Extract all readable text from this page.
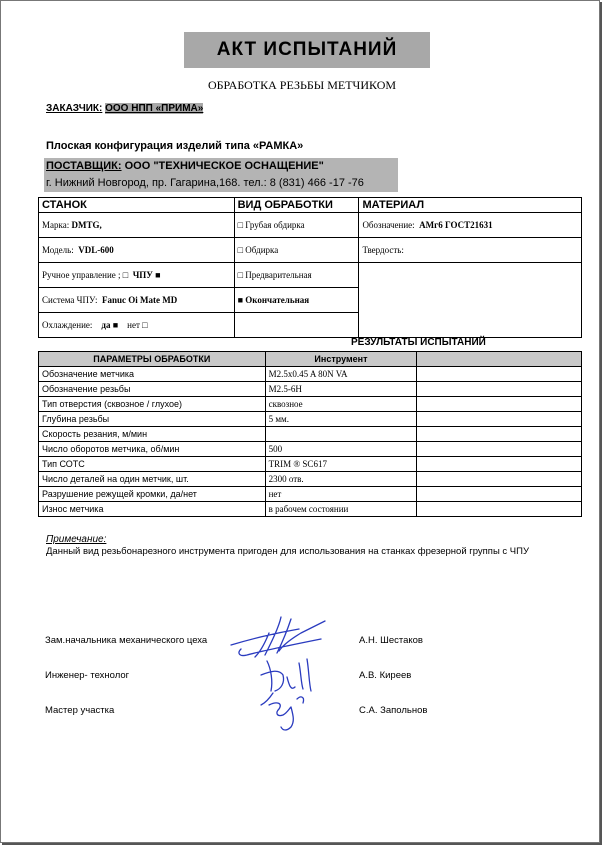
АКТ ИСПЫТАНИЙ
ОБРАБОТКА РЕЗЬБЫ МЕТЧИКОМ
ЗАКАЗЧИК: ООО НПП «ПРИМА»
Плоская конфигурация изделий типа «РАМКА»
ПОСТАВЩИК: ООО "ТЕХНИЧЕСКОЕ ОСНАЩЕНИЕ"
г. Нижний Новгород, пр. Гагарина,168. тел.: 8 (831) 466 -17 -76
СТАНОК	ВИД ОБРАБОТКИ	МАТЕРИАЛ
Марка: DMTG,	□ Грубая обдирка	Обозначение: АМг6 ГОСТ21631
Модель: VDL-600	□ Обдирка	Твердость:
Ручное управление ; □ ЧПУ ■	□ Предварительная	
Система ЧПУ: Fanuc Oi Mate MD	■ Окончательная	
Охлаждение: да ■ нет □		
РЕЗУЛЬТАТЫ ИСПЫТАНИЙ
ПАРАМЕТРЫ ОБРАБОТКИ	Инструмент	
Обозначение метчика	M2.5x0.45 A 80N VA	
Обозначение резьбы	M2.5-6H	
Тип отверстия (сквозное / глухое)	сквозное	
Глубина резьбы	5 мм.	
Скорость резания, м/мин		
Число оборотов метчика, об/мин	500	
Тип СОТС	TRIM ® SC617	
Число деталей на один метчик, шт.	2300 отв.	
Разрушение режущей кромки, да/нет	нет	
Износ метчика	в рабочем состоянии	
Примечание:
Данный вид резьбонарезного инструмента пригоден для использования на станках фрезерной группы с ЧПУ
Зам.начальника механического цеха	А.Н. Шестаков
Инженер- технолог	А.В. Киреев
Мастер участка	С.А. Запольнов
